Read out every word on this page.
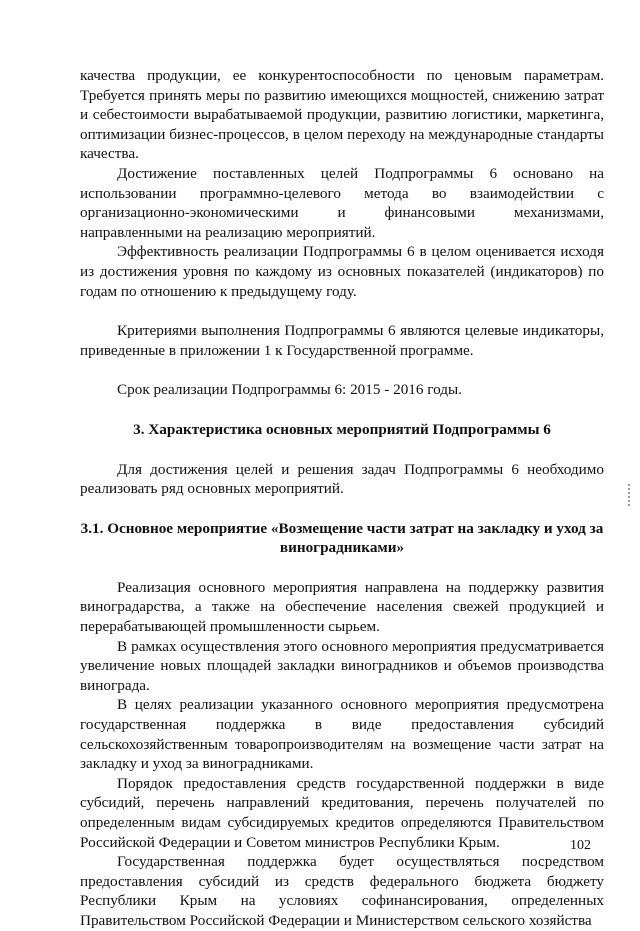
качества продукции, ее конкурентоспособности по ценовым параметрам. Требуется принять меры по развитию имеющихся мощностей, снижению затрат и себестоимости вырабатываемой продукции, развитию логистики, маркетинга, оптимизации бизнес-процессов, в целом переходу на международные стандарты качества.

Достижение поставленных целей Подпрограммы 6 основано на использовании программно-целевого метода во взаимодействии с организационно-экономическими и финансовыми механизмами, направленными на реализацию мероприятий.

Эффективность реализации Подпрограммы 6 в целом оценивается исходя из достижения уровня по каждому из основных показателей (индикаторов) по годам по отношению к предыдущему году.

Критериями выполнения Подпрограммы 6 являются целевые индикаторы, приведенные в приложении 1 к Государственной программе.

Срок реализации Подпрограммы 6: 2015 - 2016 годы.

3. Характеристика основных мероприятий Подпрограммы 6

Для достижения целей и решения задач Подпрограммы 6 необходимо реализовать ряд основных мероприятий.

3.1. Основное мероприятие «Возмещение части затрат на закладку и уход за виноградниками»

Реализация основного мероприятия направлена на поддержку развития виноградарства, а также на обеспечение населения свежей продукцией и перерабатывающей промышленности сырьем.

В рамках осуществления этого основного мероприятия предусматривается увеличение новых площадей закладки виноградников и объемов производства винограда.

В целях реализации указанного основного мероприятия предусмотрена государственная поддержка в виде предоставления субсидий сельскохозяйственным товаропроизводителям на возмещение части затрат на закладку и уход за виноградниками.

Порядок предоставления средств государственной поддержки в виде субсидий, перечень направлений кредитования, перечень получателей по определенным видам субсидируемых кредитов определяются Правительством Российской Федерации и Советом министров Республики Крым.

Государственная поддержка будет осуществляться посредством предоставления субсидий из средств федерального бюджета бюджету Республики Крым на условиях софинансирования, определенных Правительством Российской Федерации и Министерством сельского хозяйства

102
